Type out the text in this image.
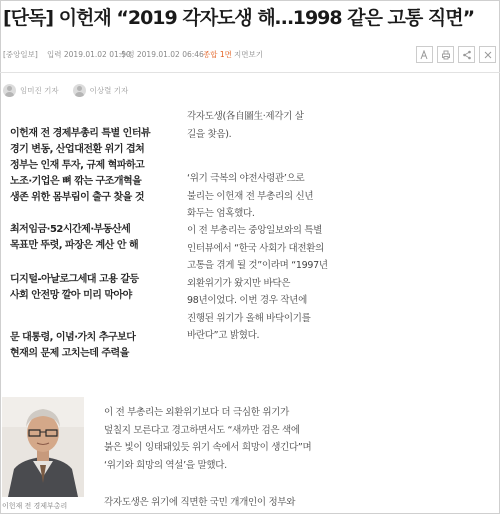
[단독] 이헌재 “2019 각자도생 해…1998 같은 고통 직면”
[중앙일보] 입력 2019.01.02 01:50
수정 2019.01.02 06:46 종합 1면 지면보기
임미진 기자	이상렬 기자
이헌재 전 경제부총리 특별 인터뷰
경기 변동, 산업대전환 위기 겹쳐
정부는 인재 투자, 규제 혁파하고
노조·기업은 뼈 깎는 구조개혁을
생존 위한 몸부림이 출구 찾을 것
최저임금·52시간제·부동산세
목표만 뚜렷, 파장은 계산 안 해
디지털-아날로그세대 고용 갈등
사회 안전망 깔아 미리 막아야
문 대통령, 이념·가치 추구보다
현재의 문제 고치는데 주력을
각자도생(各自圖生·제각기 살
길을 찾음).
‘위기 극복의 야전사령관’으로
불리는 이헌재 전 부총리의 신년
화두는 엄혹했다.
이 전 부총리는 중앙일보와의 특별
인터뷰에서 “한국 사회가 대전환의
고통을 겪게 될 것”이라며 “1997년
외환위기가 왔지만 바닥은
98년이었다. 이번 경우 작년에
진행된 위기가 올해 바닥이기를
바란다”고 밝혔다.
이헌재 전 경제부총리
이 전 부총리는 외환위기보다 더 극심한 위기가
덮칠지 모른다고 경고하면서도 “새까만 검은 색에
붉은 빛이 잉태돼있듯 위기 속에서 희망이 생긴다”며
‘위기와 희망의 역설’을 말했다.
각자도생은 위기에 직면한 국민 개개인이 정부와
